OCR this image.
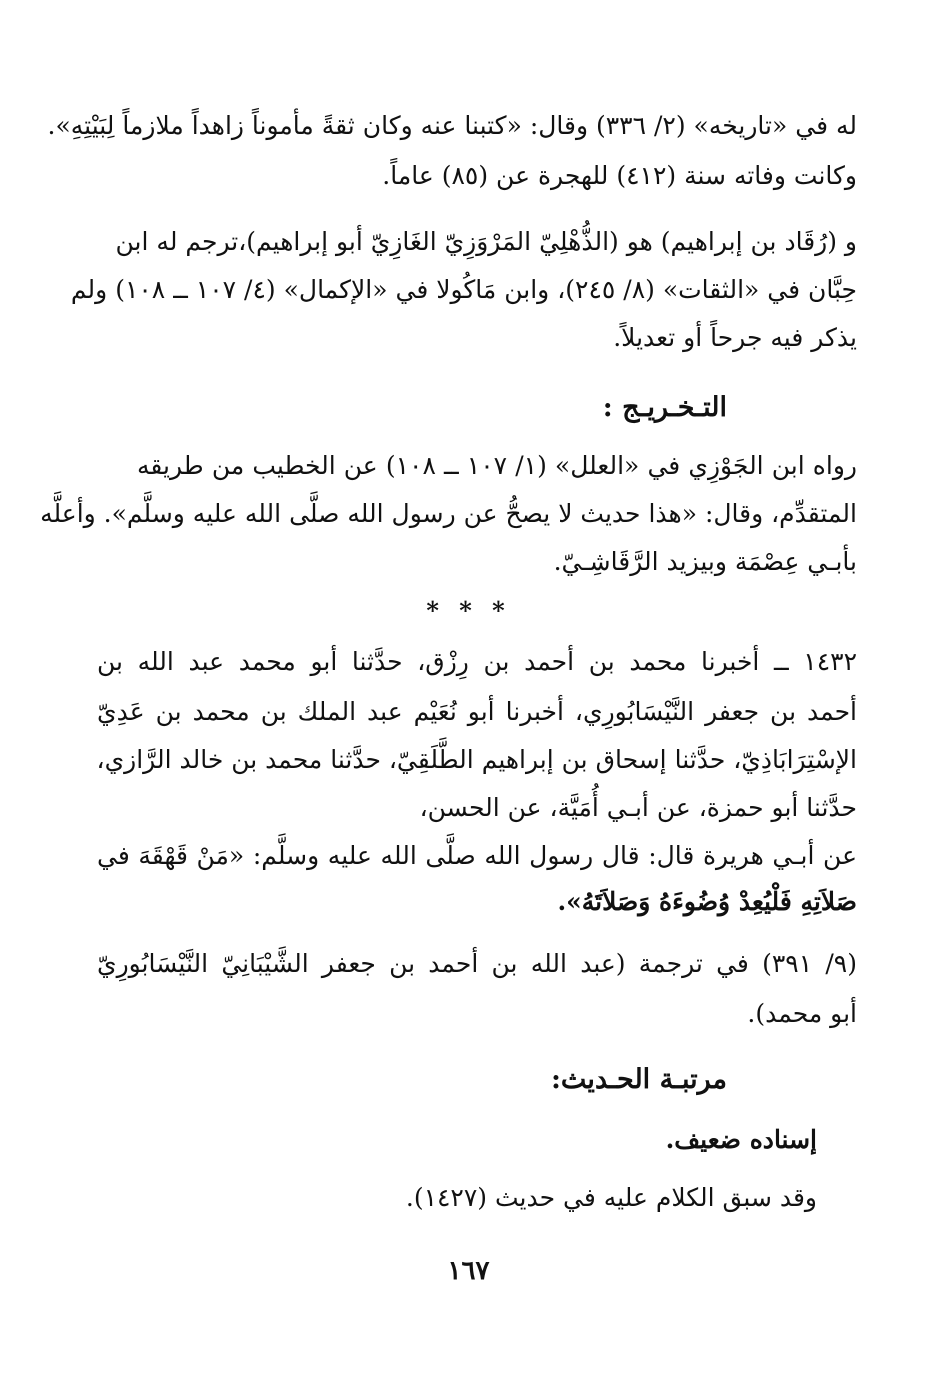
له في «تاريخه» (٢/ ٣٣٦) وقال: «كتبنا عنه وكان ثقةً مأموناً زاهداً ملازماً لِبَيْتِهِ».
وكانت وفاته سنة (٤١٢) للهجرة عن (٨٥) عاماً.
و (رُقَاد بن إبراهيم) هو (الذُّهْلِيّ المَرْوَزِيّ الغَازِيّ أبو إبراهيم)،ترجم له ابن
حِبَّان في «الثقات» (٨/ ٢٤٥)، وابن مَاكُولا في «الإكمال» (٤/ ١٠٧ ــ ١٠٨) ولم
يذكر فيه جرحاً أو تعديلاً.
التـخـريـج :
رواه ابن الجَوْزِي في «العلل» (١/ ١٠٧ ــ ١٠٨) عن الخطيب من طريقه
المتقدِّم، وقال: «هذا حديث لا يصحُّ عن رسول الله صلَّى الله عليه وسلَّم». وأعلَّه
بأبـي عِصْمَة وبيزيد الرَّقَاشِـيّ.
* * *
١٤٣٢ ــ أخبرنا محمد بن أحمد بن رِزْق، حدَّثنا أبو محمد عبد الله بن
أحمد بن جعفر النَّيْسَابُورِي، أخبرنا أبو نُعَيْم عبد الملك بن محمد بن عَدِيّ
الإسْتِرَابَاذِيّ، حدَّثنا إسحاق بن إبراهيم الطَّلَقِيّ، حدَّثنا محمد بن خالد الرَّازي،
حدَّثنا أبو حمزة، عن أبـي أُمَيَّة، عن الحسن،
عن أبـي هريرة قال: قال رسول الله صلَّى الله عليه وسلَّم: «مَنْ قَهْقَهَ في
صَلاَتِهِ فَلْيُعِدْ وُضُوءَهُ وَصَلاَتَهُ».
(٩/ ٣٩١) في ترجمة (عبد الله بن أحمد بن جعفر الشَّيْبَانِيّ النَّيْسَابُورِيّ
أبو محمد).
مرتبـة الحـديث:
إسناده ضعيف.
وقد سبق الكلام عليه في حديث (١٤٢٧).
١٦٧
